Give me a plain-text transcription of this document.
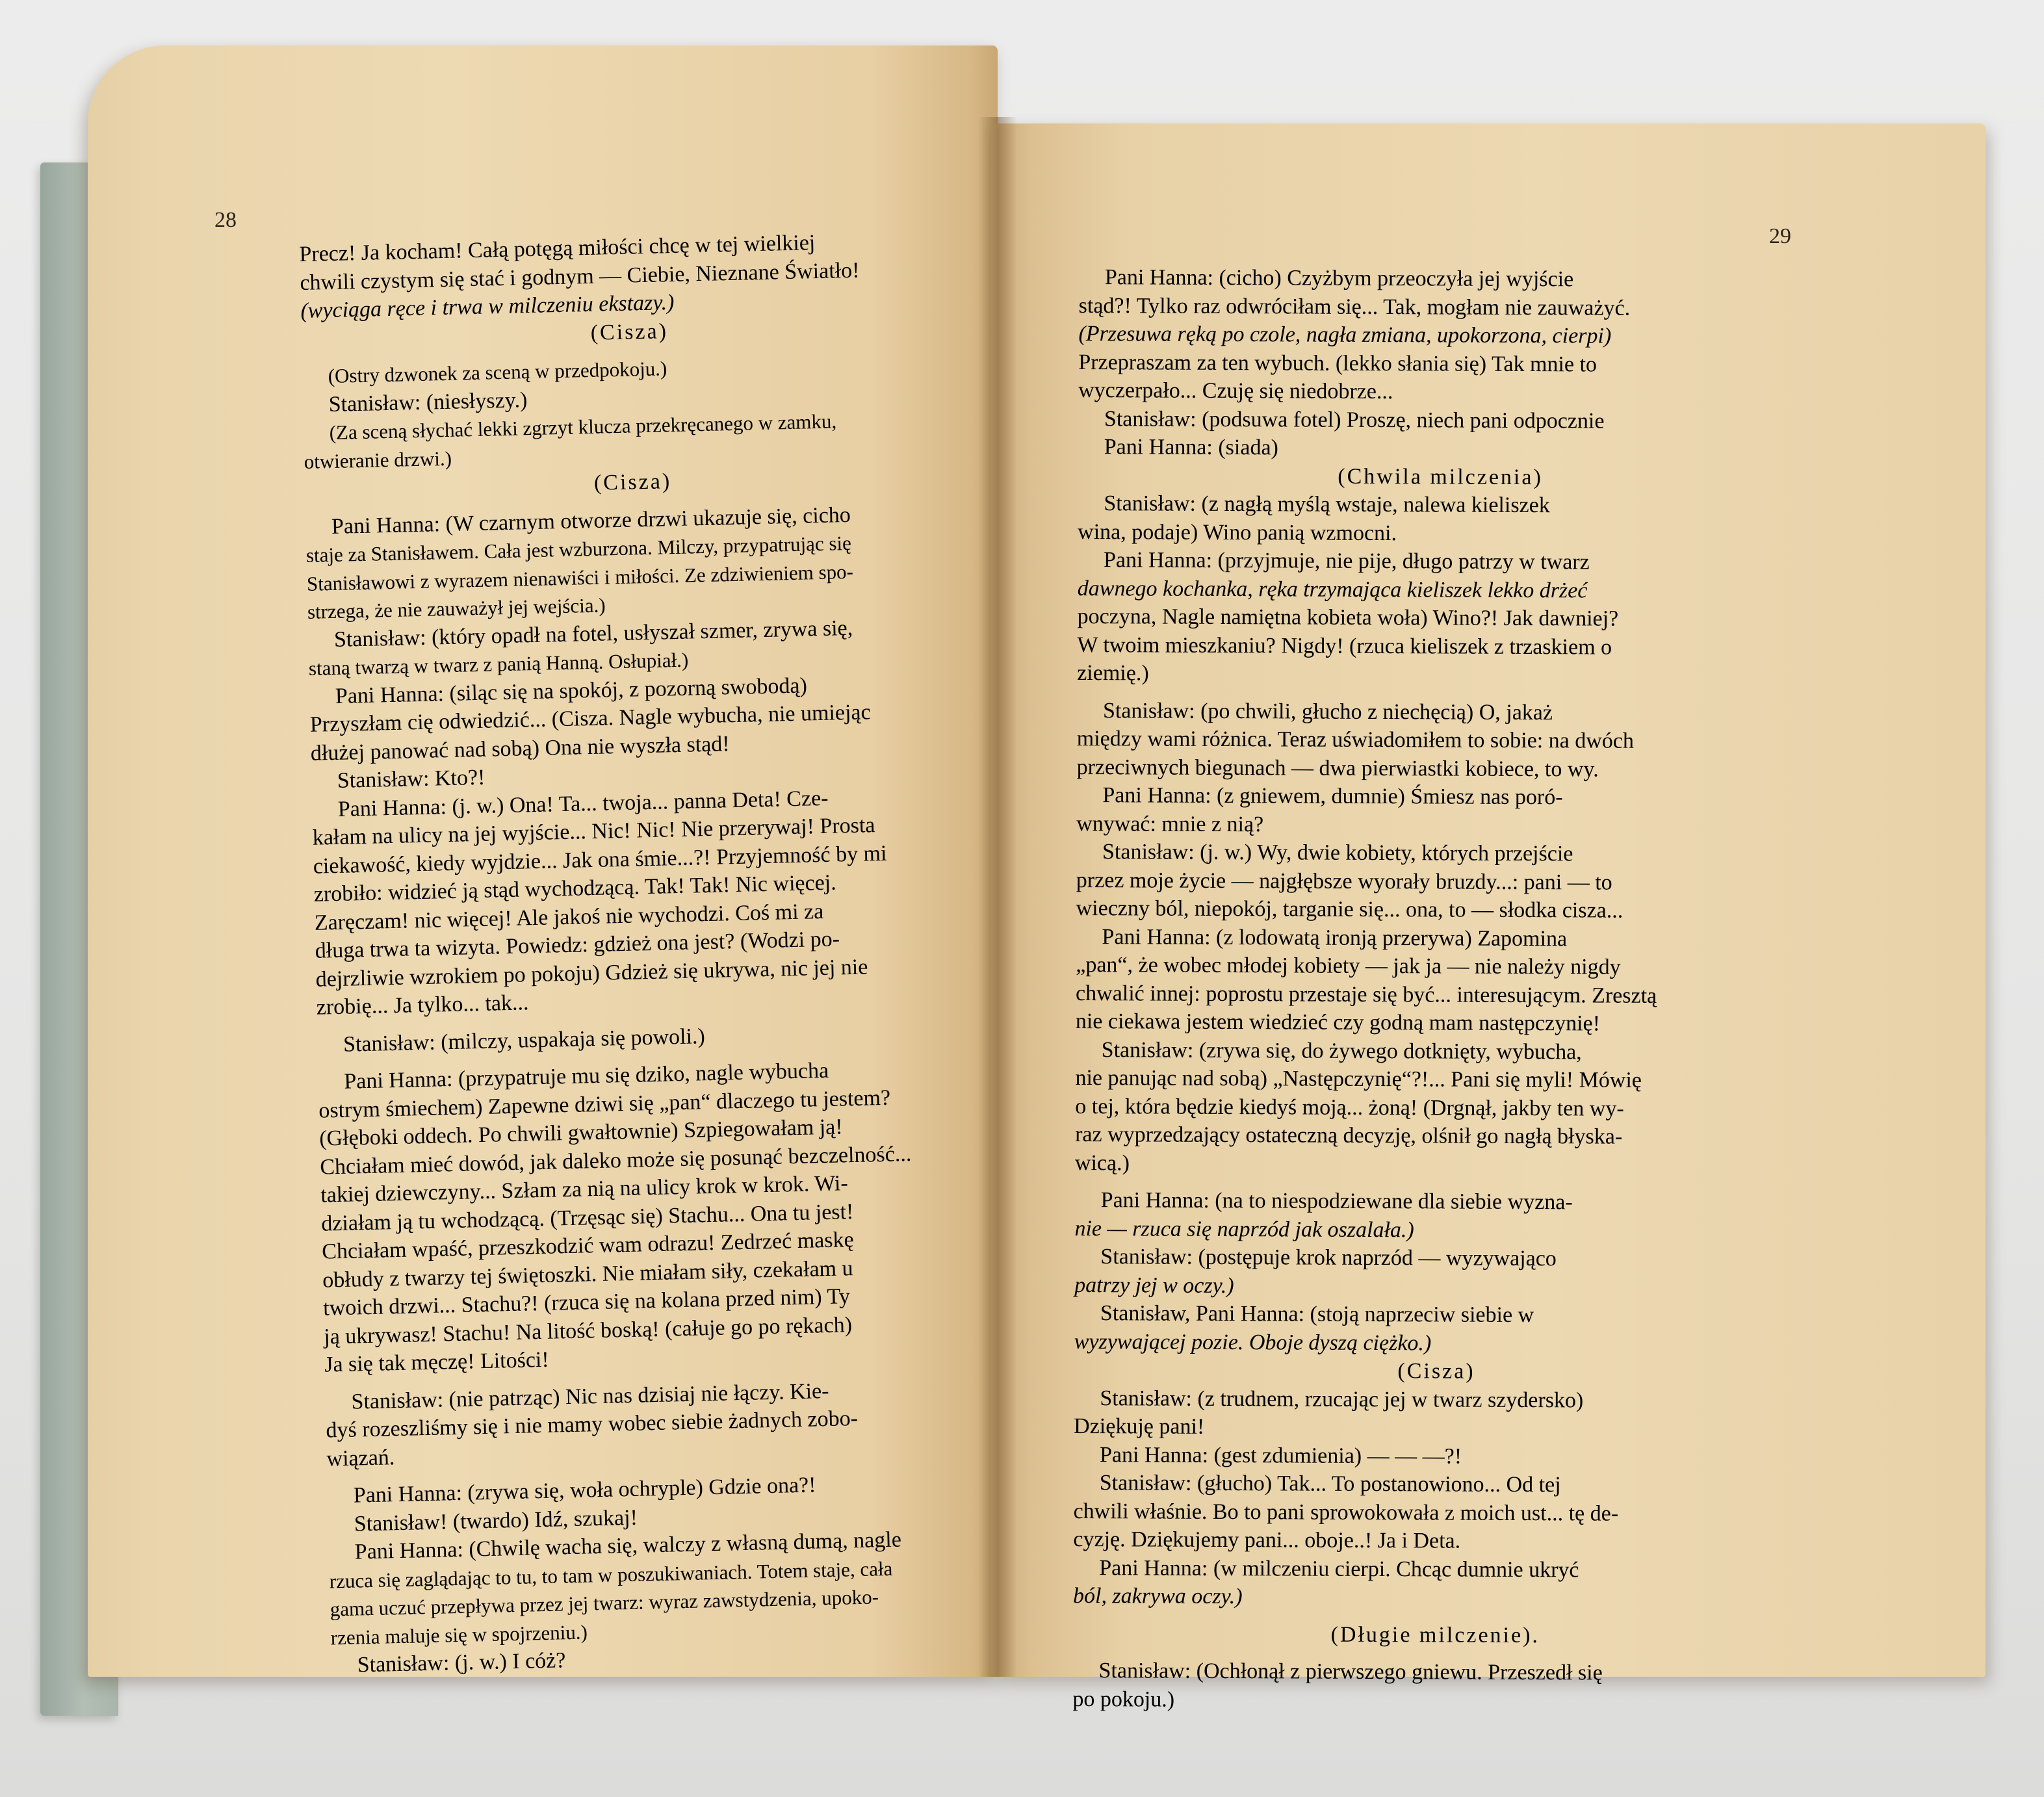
28
29
Precz! Ja kocham! Całą potęgą miłości chcę w tej wielkiej
chwili czystym się stać i godnym — Ciebie, Nieznane Światło!
(wyciąga ręce i trwa w milczeniu ekstazy.)
(Cisza)
(Ostry dzwonek za sceną w przedpokoju.)
Stanisław: (niesłyszy.)
(Za sceną słychać lekki zgrzyt klucza przekręcanego w zamku,
otwieranie drzwi.)
(Cisza)
Pani Hanna: (W czarnym otworze drzwi ukazuje się, cicho
staje za Stanisławem. Cała jest wzburzona. Milczy, przypatrując się
Stanisławowi z wyrazem nienawiści i miłości. Ze zdziwieniem spo-
strzega, że nie zauważył jej wejścia.)
Stanisław: (który opadł na fotel, usłyszał szmer, zrywa się,
staną twarzą w twarz z panią Hanną. Osłupiał.)
Pani Hanna: (siląc się na spokój, z pozorną swobodą)
Przyszłam cię odwiedzić... (Cisza. Nagle wybucha, nie umiejąc
dłużej panować nad sobą) Ona nie wyszła stąd!
Stanisław: Kto?!
Pani Hanna: (j. w.) Ona! Ta... twoja... panna Deta! Cze-
kałam na ulicy na jej wyjście... Nic! Nic! Nie przerywaj! Prosta
ciekawość, kiedy wyjdzie... Jak ona śmie...?! Przyjemność by mi
zrobiło: widzieć ją stąd wychodzącą. Tak! Tak! Nic więcej.
Zaręczam! nic więcej! Ale jakoś nie wychodzi. Coś mi za
długa trwa ta wizyta. Powiedz: gdzież ona jest? (Wodzi po-
dejrzliwie wzrokiem po pokoju) Gdzież się ukrywa, nic jej nie
zrobię... Ja tylko... tak...
Stanisław: (milczy, uspakaja się powoli.)
Pani Hanna: (przypatruje mu się dziko, nagle wybucha
ostrym śmiechem) Zapewne dziwi się „pan“ dlaczego tu jestem?
(Głęboki oddech. Po chwili gwałtownie) Szpiegowałam ją!
Chciałam mieć dowód, jak daleko może się posunąć bezczelność...
takiej dziewczyny... Szłam za nią na ulicy krok w krok. Wi-
działam ją tu wchodzącą. (Trzęsąc się) Stachu... Ona tu jest!
Chciałam wpaść, przeszkodzić wam odrazu! Zedrzeć maskę
obłudy z twarzy tej świętoszki. Nie miałam siły, czekałam u
twoich drzwi... Stachu?! (rzuca się na kolana przed nim) Ty
ją ukrywasz! Stachu! Na litość boską! (całuje go po rękach)
Ja się tak męczę! Litości!
Stanisław: (nie patrząc) Nic nas dzisiaj nie łączy. Kie-
dyś rozeszliśmy się i nie mamy wobec siebie żadnych zobo-
wiązań.
Pani Hanna: (zrywa się, woła ochryple) Gdzie ona?!
Stanisław! (twardo) Idź, szukaj!
Pani Hanna: (Chwilę wacha się, walczy z własną dumą, nagle
rzuca się zaglądając to tu, to tam w poszukiwaniach. Totem staje, cała
gama uczuć przepływa przez jej twarz: wyraz zawstydzenia, upoko-
rzenia maluje się w spojrzeniu.)
Stanisław: (j. w.) I cóż?
Pani Hanna: (cicho) Czyżbym przeoczyła jej wyjście
stąd?! Tylko raz odwróciłam się... Tak, mogłam nie zauważyć.
(Przesuwa ręką po czole, nagła zmiana, upokorzona, cierpi)
Przepraszam za ten wybuch. (lekko słania się) Tak mnie to
wyczerpało... Czuję się niedobrze...
Stanisław: (podsuwa fotel) Proszę, niech pani odpocznie
Pani Hanna: (siada)
(Chwila milczenia)
Stanisław: (z nagłą myślą wstaje, nalewa kieliszek
wina, podaje) Wino panią wzmocni.
Pani Hanna: (przyjmuje, nie pije, długo patrzy w twarz
dawnego kochanka, ręka trzymająca kieliszek lekko drżeć
poczyna, Nagle namiętna kobieta woła) Wino?! Jak dawniej?
W twoim mieszkaniu? Nigdy! (rzuca kieliszek z trzaskiem o
ziemię.)
Stanisław: (po chwili, głucho z niechęcią) O, jakaż
między wami różnica. Teraz uświadomiłem to sobie: na dwóch
przeciwnych biegunach — dwa pierwiastki kobiece, to wy.
Pani Hanna: (z gniewem, dumnie) Śmiesz nas poró-
wnywać: mnie z nią?
Stanisław: (j. w.) Wy, dwie kobiety, których przejście
przez moje życie — najgłębsze wyorały bruzdy...: pani — to
wieczny ból, niepokój, targanie się... ona, to — słodka cisza...
Pani Hanna: (z lodowatą ironją przerywa) Zapomina
„pan“, że wobec młodej kobiety — jak ja — nie należy nigdy
chwalić innej: poprostu przestaje się być... interesującym. Zresztą
nie ciekawa jestem wiedzieć czy godną mam następczynię!
Stanisław: (zrywa się, do żywego dotknięty, wybucha,
nie panując nad sobą) „Następczynię“?!... Pani się myli! Mówię
o tej, która będzie kiedyś moją... żoną! (Drgnął, jakby ten wy-
raz wyprzedzający ostateczną decyzję, olśnił go nagłą błyska-
wicą.)
Pani Hanna: (na to niespodziewane dla siebie wyzna-
nie — rzuca się naprzód jak oszalała.)
Stanisław: (postępuje krok naprzód — wyzywająco
patrzy jej w oczy.)
Stanisław, Pani Hanna: (stoją naprzeciw siebie w
wyzywającej pozie. Oboje dyszą ciężko.)
(Cisza)
Stanisław: (z trudnem, rzucając jej w twarz szydersko)
Dziękuję pani!
Pani Hanna: (gest zdumienia) — — —?!
Stanisław: (głucho) Tak... To postanowiono... Od tej
chwili właśnie. Bo to pani sprowokowała z moich ust... tę de-
cyzję. Dziękujemy pani... oboje..! Ja i Deta.
Pani Hanna: (w milczeniu cierpi. Chcąc dumnie ukryć
ból, zakrywa oczy.)
(Długie milczenie).
Stanisław: (Ochłonął z pierwszego gniewu. Przeszedł się
po pokoju.)
